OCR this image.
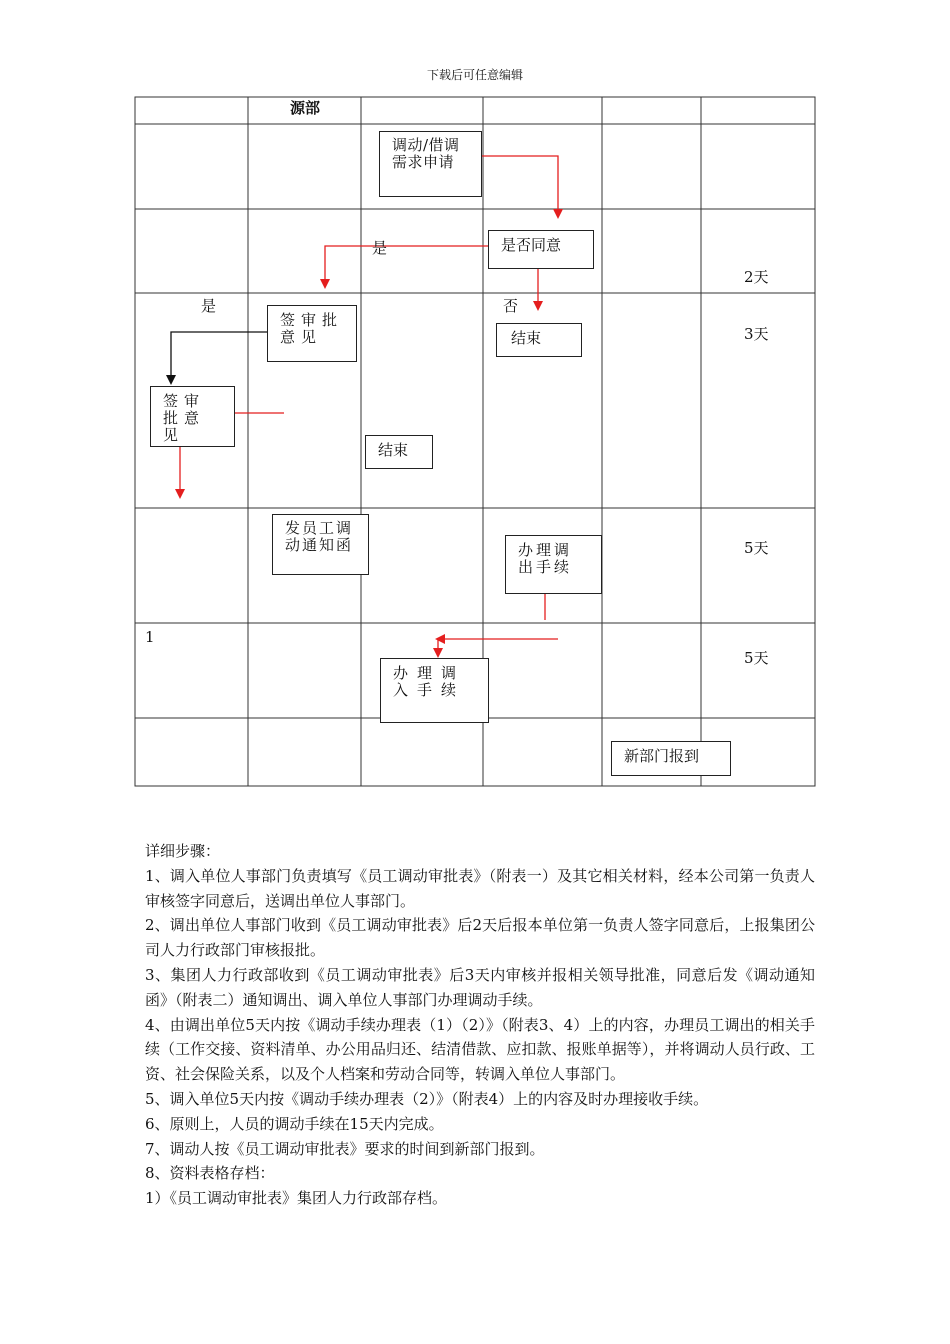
下载后可任意编辑
源部
1
调动/借调需求申请
是否同意
是
是	否
结束
签审批意见
签审批意见
结束
发员工调动通知函	办理调出手续
办理调入手续
新部门报到
2天
3天
5天
5天

详细步骤：

1、调入单位人事部门负责填写《员工调动审批表》（附表一）及其它相关材料，经本公司第一负责人审核签字同意后，送调出单位人事部门。

2、调出单位人事部门收到《员工调动审批表》后2天后报本单位第一负责人签字同意后，上报集团公司人力行政部门审核报批。

3、集团人力行政部收到《员工调动审批表》后3天内审核并报相关领导批准，同意后发《调动通知函》（附表二）通知调出、调入单位人事部门办理调动手续。

4、由调出单位5天内按《调动手续办理表（1）（2）》（附表3、4）上的内容，办理员工调出的相关手续（工作交接、资料清单、办公用品归还、结清借款、应扣款、报账单据等），并将调动人员行政、工资、社会保险关系，以及个人档案和劳动合同等，转调入单位人事部门。

5、调入单位5天内按《调动手续办理表（2）》（附表4）上的内容及时办理接收手续。

6、原则上，人员的调动手续在15天内完成。

7、调动人按《员工调动审批表》要求的时间到新部门报到。

8、资料表格存档：

1）《员工调动审批表》集团人力行政部存档。
